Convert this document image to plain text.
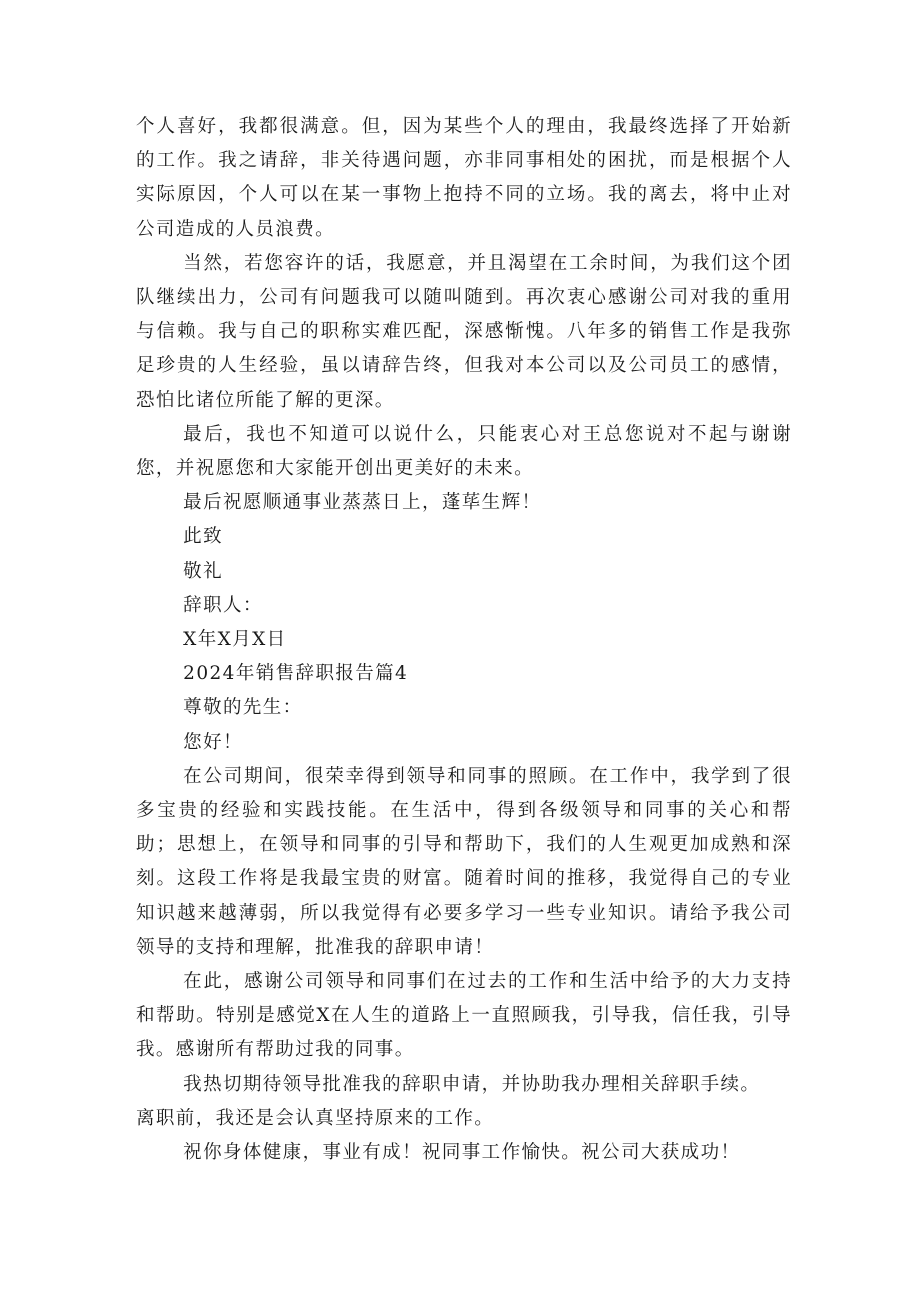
个人喜好，我都很满意。但，因为某些个人的理由，我最终选择了开始新的工作。我之请辞，非关待遇问题，亦非同事相处的困扰，而是根据个人实际原因，个人可以在某一事物上抱持不同的立场。我的离去，将中止对公司造成的人员浪费。

当然，若您容许的话，我愿意，并且渴望在工余时间，为我们这个团队继续出力，公司有问题我可以随叫随到。再次衷心感谢公司对我的重用与信赖。我与自己的职称实难匹配，深感惭愧。八年多的销售工作是我弥足珍贵的人生经验，虽以请辞告终，但我对本公司以及公司员工的感情，恐怕比诸位所能了解的更深。

最后，我也不知道可以说什么，只能衷心对王总您说对不起与谢谢您，并祝愿您和大家能开创出更美好的未来。

最后祝愿顺通事业蒸蒸日上，蓬荜生辉！

此致

敬礼

辞职人：

X年X月X日

2024年销售辞职报告篇4

尊敬的先生：

您好！

在公司期间，很荣幸得到领导和同事的照顾。在工作中，我学到了很多宝贵的经验和实践技能。在生活中，得到各级领导和同事的关心和帮助；思想上，在领导和同事的引导和帮助下，我们的人生观更加成熟和深刻。这段工作将是我最宝贵的财富。随着时间的推移，我觉得自己的专业知识越来越薄弱，所以我觉得有必要多学习一些专业知识。请给予我公司领导的支持和理解，批准我的辞职申请！

在此，感谢公司领导和同事们在过去的工作和生活中给予的大力支持和帮助。特别是感觉X在人生的道路上一直照顾我，引导我，信任我，引导我。感谢所有帮助过我的同事。

我热切期待领导批准我的辞职申请，并协助我办理相关辞职手续。

离职前，我还是会认真坚持原来的工作。

祝你身体健康，事业有成！祝同事工作愉快。祝公司大获成功！
